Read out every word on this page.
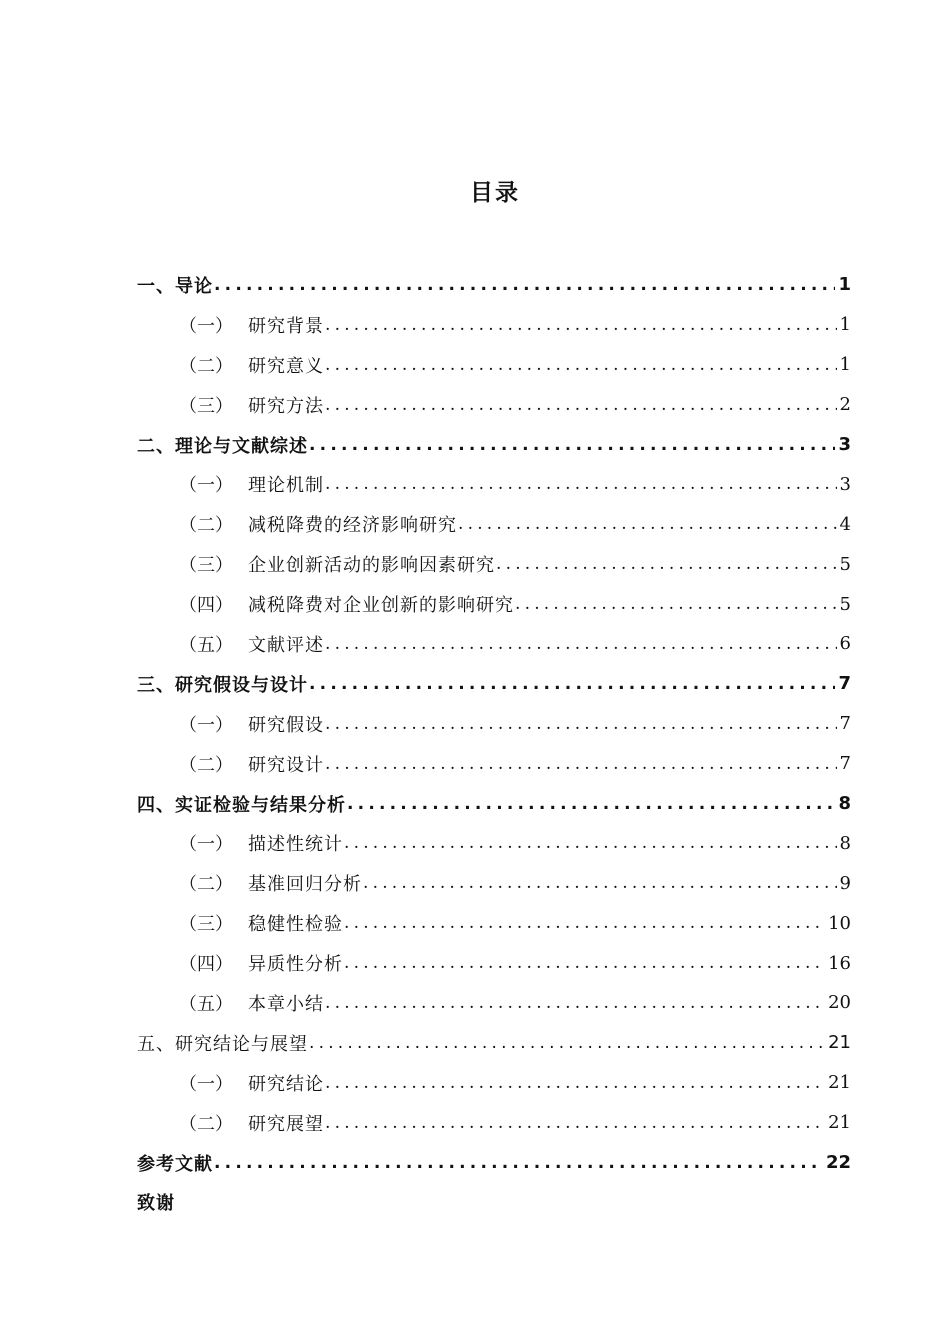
目录
一、导论 .....	1
（一） 研究背景 .....	1
（二） 研究意义 .....	1
（三） 研究方法 .....	2
二、理论与文献综述 .....	3
（一） 理论机制 .....	3
（二） 减税降费的经济影响研究 .....	4
（三） 企业创新活动的影响因素研究 .....	5
（四） 减税降费对企业创新的影响研究 .....	5
（五） 文献评述 .....	6
三、研究假设与设计 .....	7
（一） 研究假设 .....	7
（二） 研究设计 .....	7
四、实证检验与结果分析 .....	8
（一） 描述性统计 .....	8
（二） 基准回归分析 .....	9
（三） 稳健性检验 .....	10
（四） 异质性分析 .....	16
（五） 本章小结 .....	20
五、研究结论与展望 .....	21
（一） 研究结论 .....	21
（二） 研究展望 .....	21
参考文献 .....	22
致谢
